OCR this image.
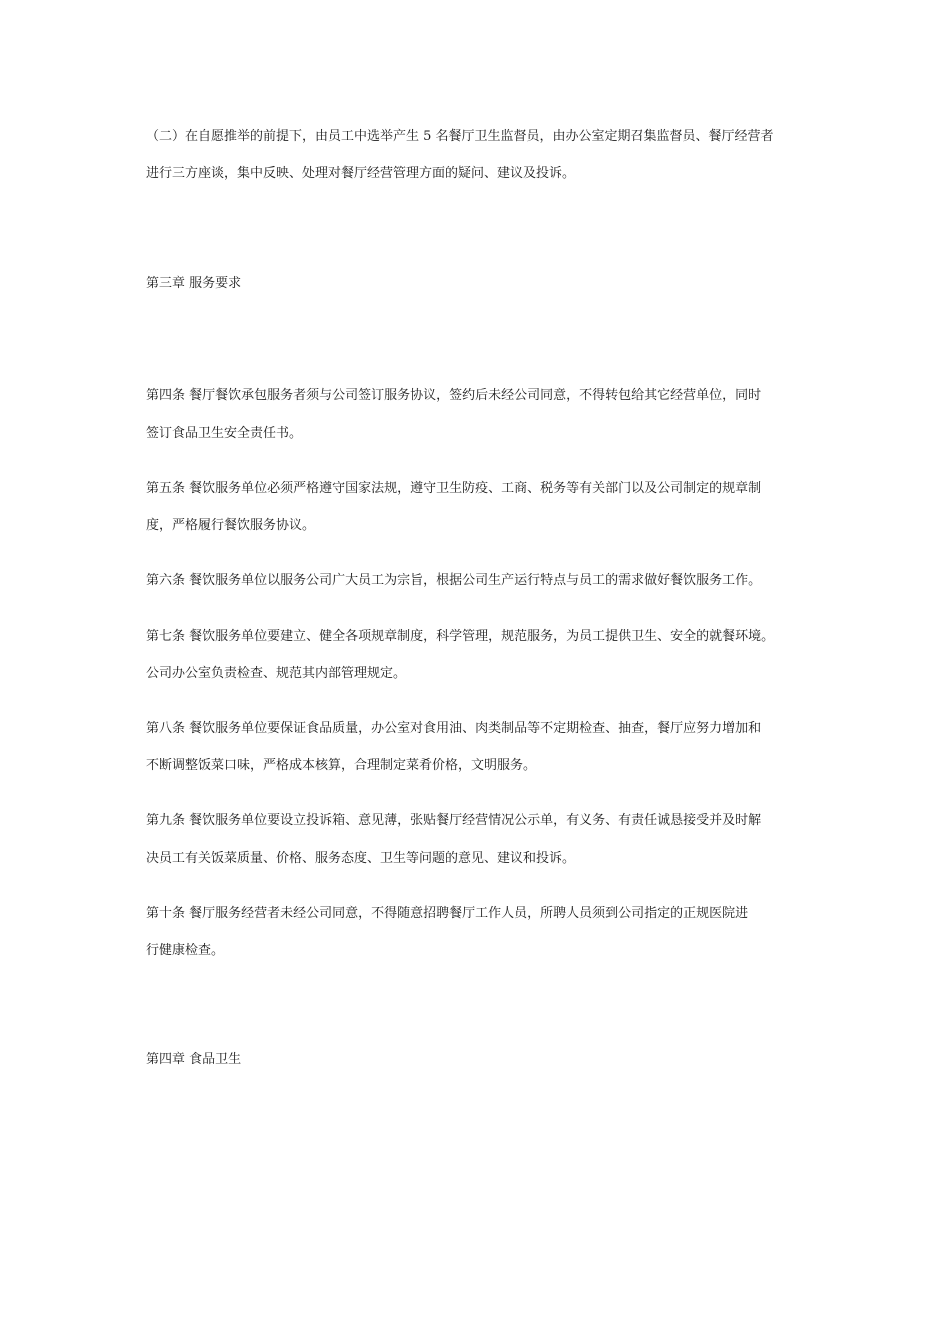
（二）在自愿推举的前提下，由员工中选举产生 5 名餐厅卫生监督员，由办公室定期召集监督员、餐厅经营者
进行三方座谈，集中反映、处理对餐厅经营管理方面的疑问、建议及投诉。
第三章 服务要求
第四条 餐厅餐饮承包服务者须与公司签订服务协议，签约后未经公司同意，不得转包给其它经营单位，同时
签订食品卫生安全责任书。
第五条 餐饮服务单位必须严格遵守国家法规，遵守卫生防疫、工商、税务等有关部门以及公司制定的规章制
度，严格履行餐饮服务协议。
第六条 餐饮服务单位以服务公司广大员工为宗旨，根据公司生产运行特点与员工的需求做好餐饮服务工作。
第七条 餐饮服务单位要建立、健全各项规章制度，科学管理，规范服务，为员工提供卫生、安全的就餐环境。
公司办公室负责检查、规范其内部管理规定。
第八条 餐饮服务单位要保证食品质量，办公室对食用油、肉类制品等不定期检查、抽查，餐厅应努力增加和
不断调整饭菜口味，严格成本核算，合理制定菜肴价格，文明服务。
第九条 餐饮服务单位要设立投诉箱、意见薄，张贴餐厅经营情况公示单，有义务、有责任诚恳接受并及时解
决员工有关饭菜质量、价格、服务态度、卫生等问题的意见、建议和投诉。
第十条 餐厅服务经营者未经公司同意，不得随意招聘餐厅工作人员，所聘人员须到公司指定的正规医院进
行健康检查。
第四章 食品卫生
